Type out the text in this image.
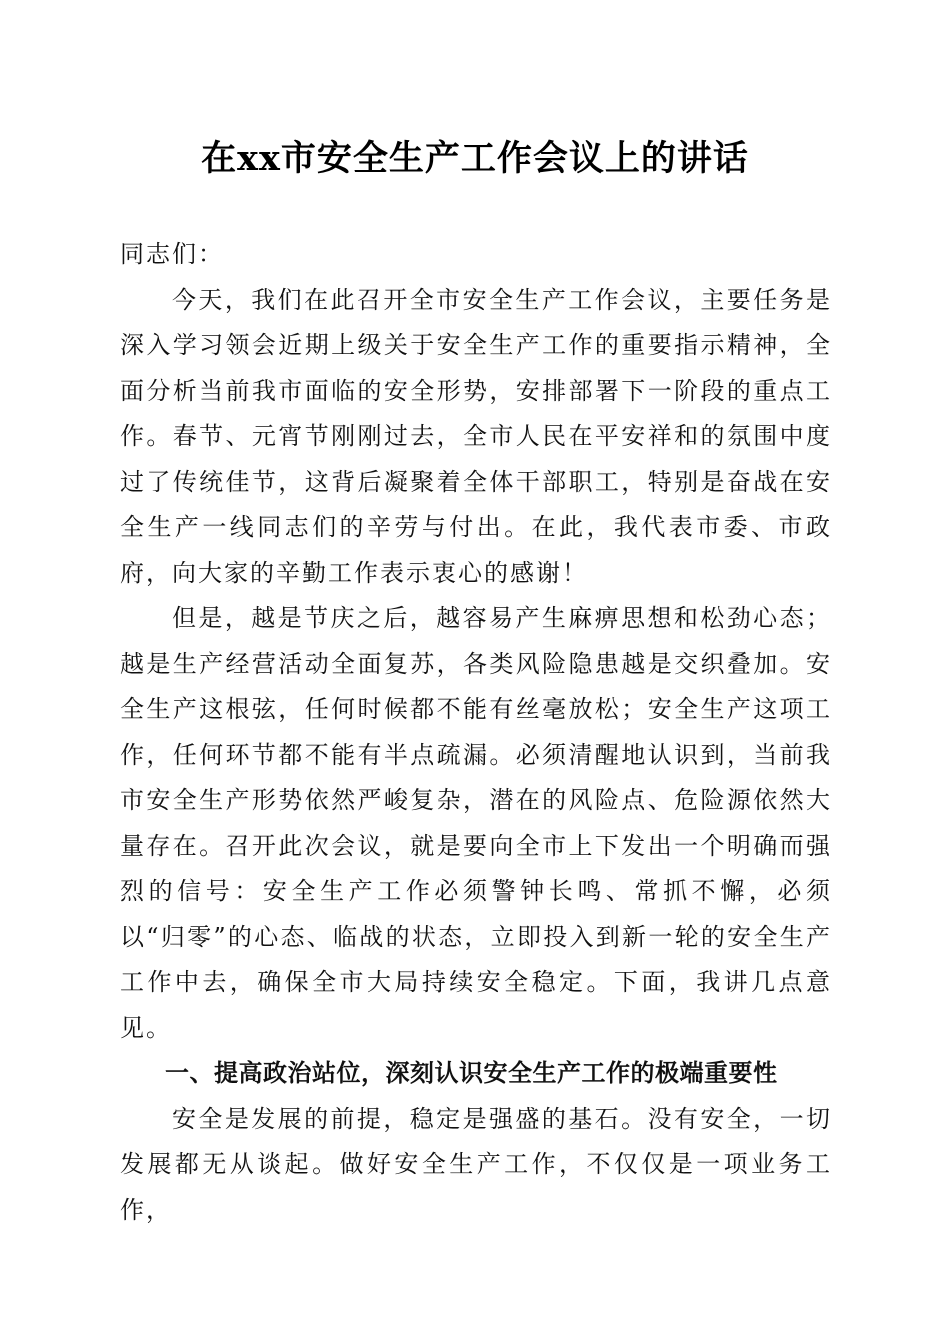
在xx市安全生产工作会议上的讲话

同志们：

今天，我们在此召开全市安全生产工作会议，主要任务是深入学习领会近期上级关于安全生产工作的重要指示精神，全面分析当前我市面临的安全形势，安排部署下一阶段的重点工作。春节、元宵节刚刚过去，全市人民在平安祥和的氛围中度过了传统佳节，这背后凝聚着全体干部职工，特别是奋战在安全生产一线同志们的辛劳与付出。在此，我代表市委、市政府，向大家的辛勤工作表示衷心的感谢！

但是，越是节庆之后，越容易产生麻痹思想和松劲心态；越是生产经营活动全面复苏，各类风险隐患越是交织叠加。安全生产这根弦，任何时候都不能有丝毫放松；安全生产这项工作，任何环节都不能有半点疏漏。必须清醒地认识到，当前我市安全生产形势依然严峻复杂，潜在的风险点、危险源依然大量存在。召开此次会议，就是要向全市上下发出一个明确而强烈的信号：安全生产工作必须警钟长鸣、常抓不懈，必须以“归零”的心态、临战的状态，立即投入到新一轮的安全生产工作中去，确保全市大局持续安全稳定。下面，我讲几点意见。

一、提高政治站位，深刻认识安全生产工作的极端重要性

安全是发展的前提，稳定是强盛的基石。没有安全，一切发展都无从谈起。做好安全生产工作，不仅仅是一项业务工作，
